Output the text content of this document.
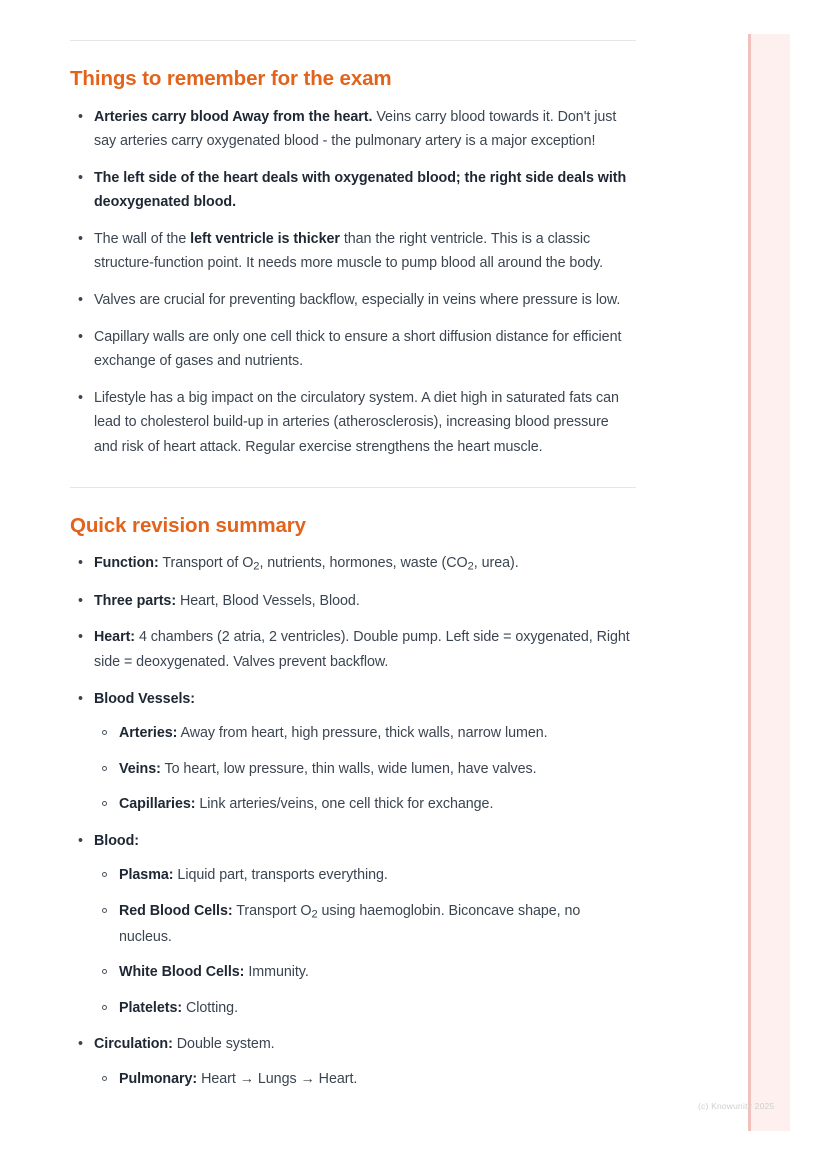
(c) Knowunity 2025
Things to remember for the exam
• Arteries carry blood Away from the heart. Veins carry blood towards it. Don't just say arteries carry oxygenated blood - the pulmonary artery is a major exception!
• The left side of the heart deals with oxygenated blood; the right side deals with deoxygenated blood.
• The wall of the left ventricle is thicker than the right ventricle. This is a classic structure-function point. It needs more muscle to pump blood all around the body.
• Valves are crucial for preventing backflow, especially in veins where pressure is low.
• Capillary walls are only one cell thick to ensure a short diffusion distance for efficient exchange of gases and nutrients.
• Lifestyle has a big impact on the circulatory system. A diet high in saturated fats can lead to cholesterol build-up in arteries (atherosclerosis), increasing blood pressure and risk of heart attack. Regular exercise strengthens the heart muscle.
Quick revision summary
• Function: Transport of $O_2$, nutrients, hormones, waste ($CO_2$, urea).
• Three parts: Heart, Blood Vessels, Blood.
• Heart: 4 chambers (2 atria, 2 ventricles). Double pump. Left side = oxygenated, Right side = deoxygenated. Valves prevent backflow.
• Blood Vessels:
Arteries: Away from heart, high pressure, thick walls, narrow lumen.
Veins: To heart, low pressure, thin walls, wide lumen, have valves.
Capillaries: Link arteries/veins, one cell thick for exchange.
• Blood:
Plasma: Liquid part, transports everything.
Red Blood Cells: Transport $O_2$ using haemoglobin. Biconcave shape, no nucleus.
White Blood Cells: Immunity.
Platelets: Clotting.
• Circulation: Double system.
Pulmonary: Heart → Lungs → Heart.
